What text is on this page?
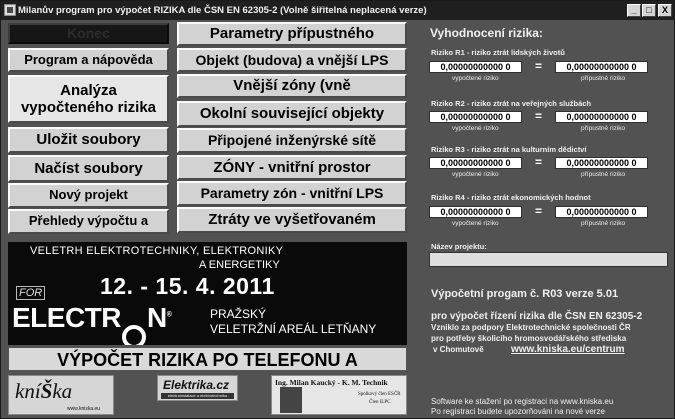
Milanův program pro výpočet RIZIKA dle ČSN EN 62305-2 (Volně šiřitelná neplacená verze)	_	□	X
Konec
Program a nápověda
Analýza
vypočteného rizika
Uložit soubory
Načíst soubory
Nový projekt
Přehledy výpočtu a
Parametry přípustného
Objekt (budova) a vnější LPS
Vnější zóny (vně
Okolní související objekty
Připojené inženýrské sítě
ZÓNY - vnitřní prostor
Parametry zón - vnitřní LPS
Ztráty ve vyšetřovaném
VELETRH ELEKTROTECHNIKY, ELEKTRONIKY
A ENERGETIKY
12. - 15. 4. 2011
FOR
ELECTR N®	PRAŽSKÝ
VELETRŽNÍ AREÁL LETŇANY
VÝPOČET RIZIKA PO TELEFONU A
kníŠka
www.kniska.eu
Elektrika.cz
elektroinstalace a elektrotechnika
Ing. Milan Kaucký - K. M. Technik
Spolkový člen ESČR
Člen ILPC
Vyhodnocení rizika:
Riziko R1 - riziko ztrát lidských životů
0,00000000000 0	=	0,00000000000 0
vypočtené riziko	přípustné riziko
Riziko R2 - riziko ztrát na veřejných službách
0,00000000000 0	=	0,00000000000 0
vypočtené riziko	přípustné riziko
Riziko R3 - riziko ztrát na kulturním dědictví
0,00000000000 0	=	0,00000000000 0
vypočtené riziko	přípustné riziko
Riziko R4 - riziko ztrát ekonomických hodnot
0,00000000000 0	=	0,00000000000 0
vypočtené riziko	přípustné riziko
Název projektu:
Výpočetní progam č. R03 verze 5.01
pro výpočet řízení rizika dle ČSN EN 62305-2
Vzniklo za podpory Elektrotechnické společnosti ČR
pro potřeby školicího hromosvodářského střediska
v Chomutově	www.kniska.eu/centrum
Software ke stažení po registraci na www.kniska.eu
Po registraci budete upozorňováni na nové verze
